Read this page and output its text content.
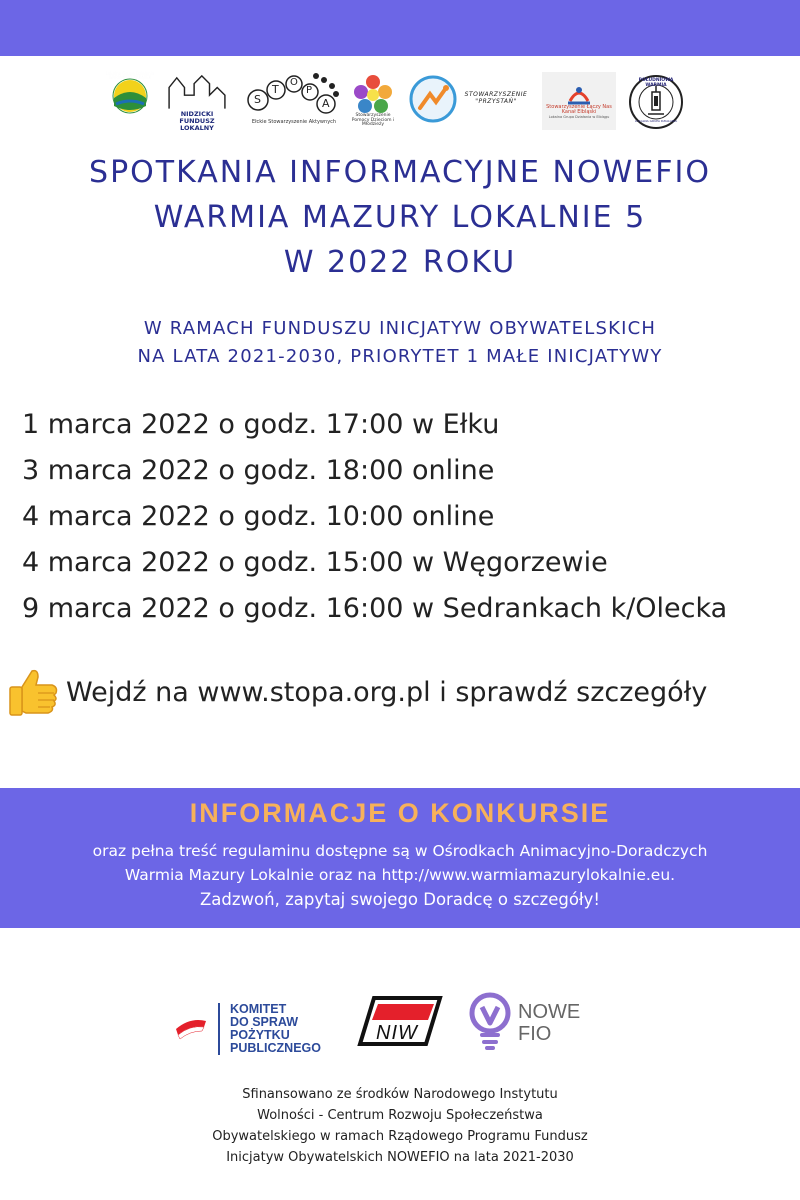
NIDZICKI FUNDUSZ LOKALNY
S
T
O
P
A
Ełckie Stowarzyszenie Aktywnych
Stowarzyszenie Pomocy Dzieciom i Młodzieży
STOWARZYSZENIE "PRZYSTAŃ"
Stowarzyszenie Łączy Nas Kanał Elbląski
Lokalna Grupa Działania w Elblągu
POŁUDNIOWA WARMIA
LOKALNA GRUPA DZIAŁANIA
SPOTKANIA INFORMACYJNE NOWEFIO
WARMIA MAZURY LOKALNIE 5
W 2022 ROKU
W RAMACH FUNDUSZU INICJATYW OBYWATELSKICH
NA LATA 2021-2030, PRIORYTET 1 MAŁE INICJATYWY
1 marca 2022 o godz. 17:00 w Ełku
3 marca 2022 o godz. 18:00 online
4 marca 2022 o godz. 10:00 online
4 marca 2022 o godz. 15:00 w Węgorzewie
9 marca 2022 o godz. 16:00 w Sedrankach k/Olecka
Wejdź na www.stopa.org.pl i sprawdź szczegóły
INFORMACJE O KONKURSIE
oraz pełna treść regulaminu dostępne są w Ośrodkach Animacyjno-Doradczych
Warmia Mazury Lokalnie oraz na http://www.warmiamazurylokalnie.eu.
Zadzwoń, zapytaj swojego Doradcę o szczegóły!
KOMITET
DO SPRAW
POŻYTKU
PUBLICZNEGO
NIW
NOWE
FIO
Sfinansowano ze środków Narodowego Instytutu
Wolności - Centrum Rozwoju Społeczeństwa
Obywatelskiego w ramach Rządowego Programu Fundusz
Inicjatyw Obywatelskich NOWEFIO na lata 2021-2030
